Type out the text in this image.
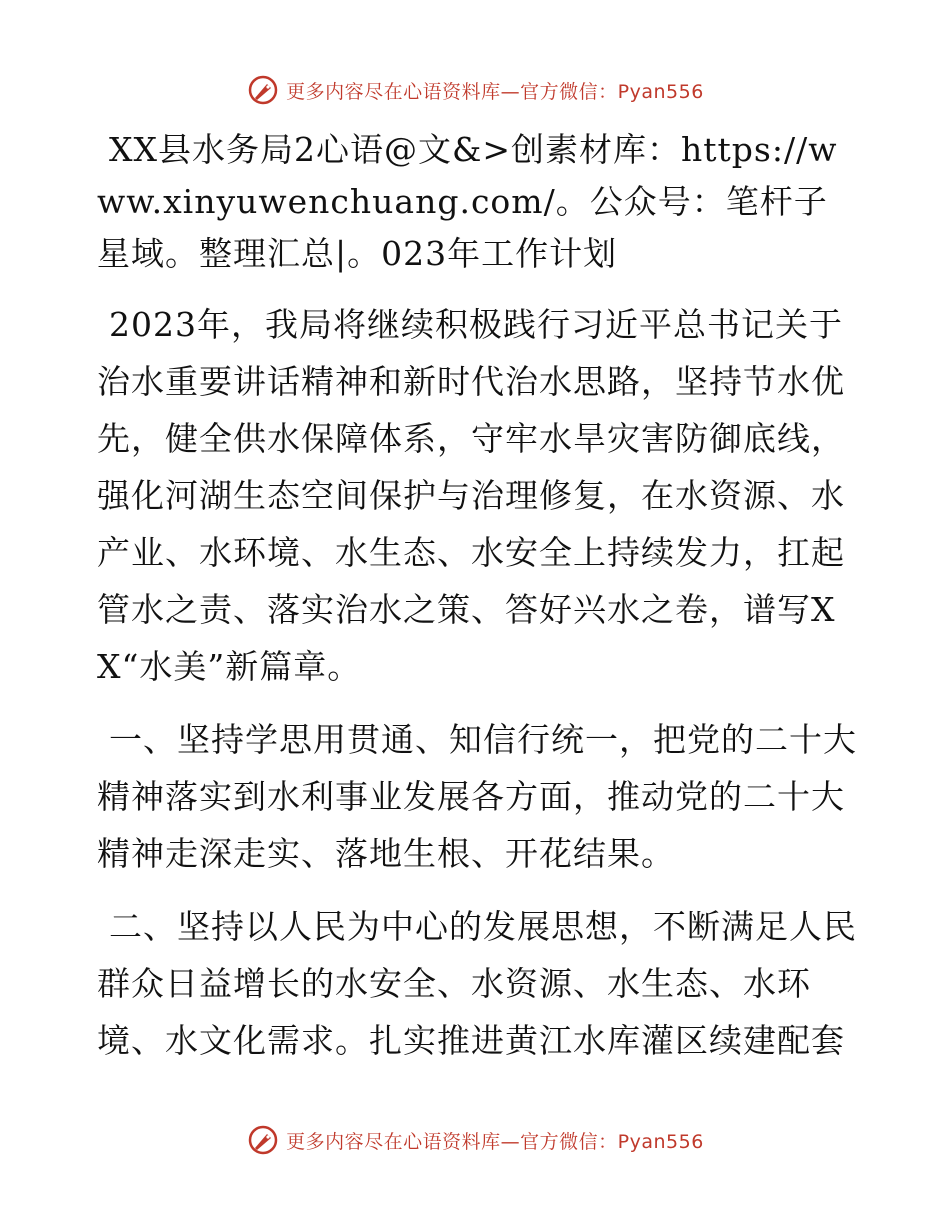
更多内容尽在心语资料库—官方微信：Pyan556

XX县水务局2心语@文&>创素材库：https://www.xinyuwenchuang.com/。公众号：笔杆子星域。整理汇总|。023年工作计划

2023年，我局将继续积极践行习近平总书记关于治水重要讲话精神和新时代治水思路，坚持节水优先，健全供水保障体系，守牢水旱灾害防御底线，强化河湖生态空间保护与治理修复，在水资源、水产业、水环境、水生态、水安全上持续发力，扛起管水之责、落实治水之策、答好兴水之卷，谱写XX“水美”新篇章。

一、坚持学思用贯通、知信行统一，把党的二十大精神落实到水利事业发展各方面，推动党的二十大精神走深走实、落地生根、开花结果。

二、坚持以人民为中心的发展思想，不断满足人民群众日益增长的水安全、水资源、水生态、水环境、水文化需求。扎实推进黄江水库灌区续建配套

更多内容尽在心语资料库—官方微信：Pyan556
